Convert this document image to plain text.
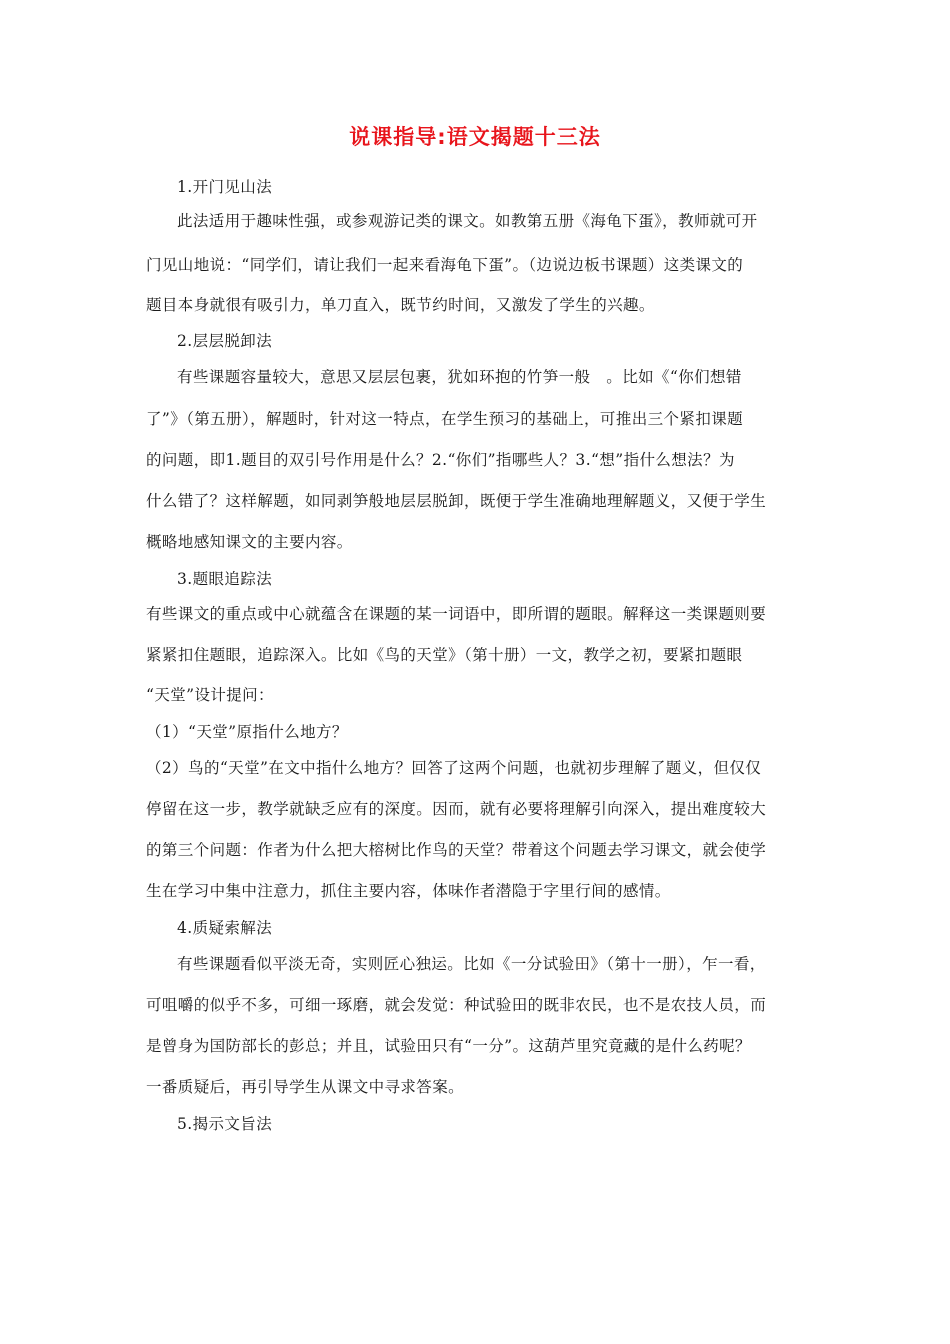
说课指导:语文揭题十三法
1.开门见山法
此法适用于趣味性强，或参观游记类的课文。如教第五册《海龟下蛋》，教师就可开
门见山地说：“同学们，请让我们一起来看海龟下蛋”。（边说边板书课题）这类课文的
题目本身就很有吸引力，单刀直入，既节约时间，又激发了学生的兴趣。
2.层层脱卸法
有些课题容量较大，意思又层层包裹，犹如环抱的竹笋一般　。比如《“你们想错
了”》（第五册），解题时，针对这一特点，在学生预习的基础上，可推出三个紧扣课题
的问题，即1.题目的双引号作用是什么？2.“你们”指哪些人？3.“想”指什么想法？为
什么错了？这样解题，如同剥笋般地层层脱卸，既便于学生准确地理解题义，又便于学生
概略地感知课文的主要内容。
3.题眼追踪法
有些课文的重点或中心就蕴含在课题的某一词语中，即所谓的题眼。解释这一类课题则要
紧紧扣住题眼，追踪深入。比如《鸟的天堂》（第十册）一文，教学之初，要紧扣题眼
“天堂”设计提问：
（1）“天堂”原指什么地方？
（2）鸟的“天堂”在文中指什么地方？回答了这两个问题，也就初步理解了题义，但仅仅
停留在这一步，教学就缺乏应有的深度。因而，就有必要将理解引向深入，提出难度较大
的第三个问题：作者为什么把大榕树比作鸟的天堂？带着这个问题去学习课文，就会使学
生在学习中集中注意力，抓住主要内容，体味作者潜隐于字里行间的感情。
4.质疑索解法
有些课题看似平淡无奇，实则匠心独运。比如《一分试验田》（第十一册），乍一看，
可咀嚼的似乎不多，可细一琢磨，就会发觉：种试验田的既非农民，也不是农技人员，而
是曾身为国防部长的彭总；并且，试验田只有“一分”。这葫芦里究竟藏的是什么药呢？
一番质疑后，再引导学生从课文中寻求答案。
5.揭示文旨法
